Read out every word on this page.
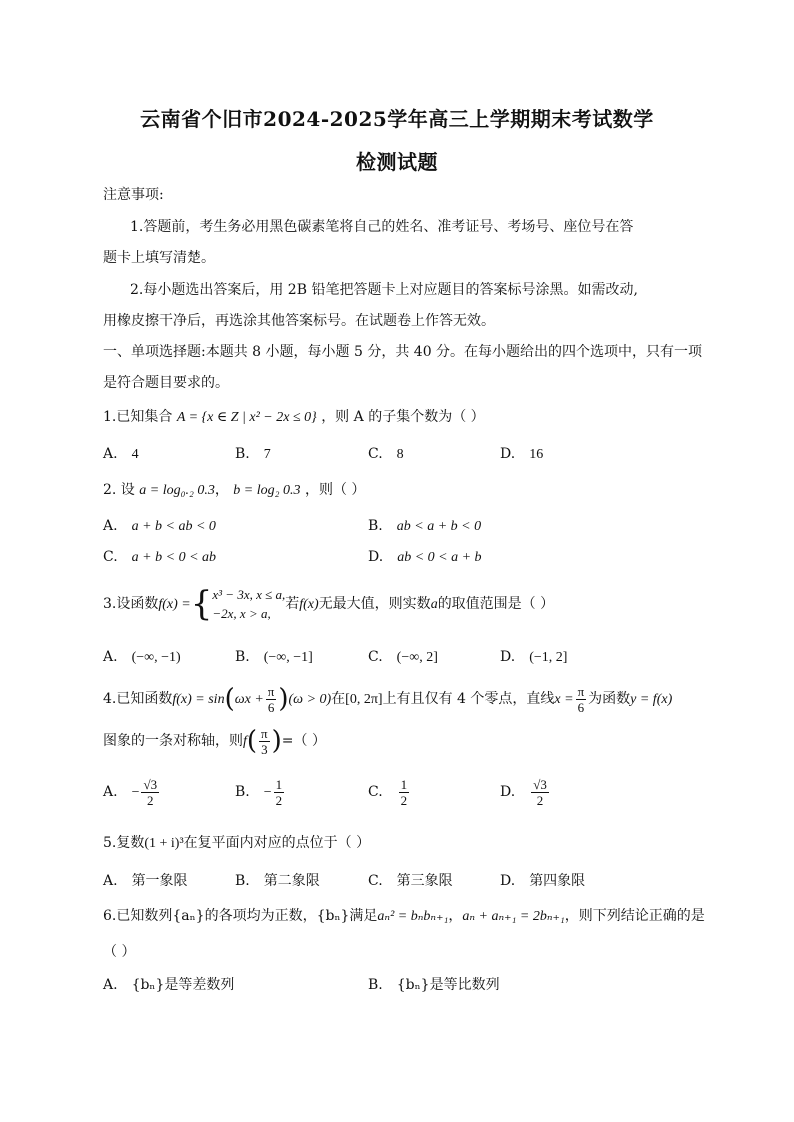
云南省个旧市2024-2025学年高三上学期期末考试数学
检测试题
注意事项:
1.答题前，考生务必用黑色碳素笔将自己的姓名、准考证号、考场号、座位号在答
题卡上填写清楚。
2.每小题选出答案后，用 2B 铅笔把答题卡上对应题目的答案标号涂黑。如需改动,
用橡皮擦干净后，再选涂其他答案标号。在试题卷上作答无效。
一、单项选择题:本题共 8 小题，每小题 5 分，共 40 分。在每小题给出的四个选项中，只有一项
是符合题目要求的。
1.已知集合 A = {x ∈ Z | x² − 2x ≤ 0} ，则 A 的子集个数为（ ）
A. 4	B. 7	C. 8	D. 16
2. 设 a = log₀.₂ 0.3， b = log₂ 0.3 ，则（ ）
A. a + b < ab < 0	B. ab < a + b < 0
C. a + b < 0 < ab	D. ab < 0 < a + b
3.设函数f(x) ={ x³ − 3x, x ≤ a,
−2x, x > a,
若f(x)无最大值，则实数a的取值范围是（ ）
A. (−∞, −1)	B. (−∞, −1]	C. (−∞, 2]	D. (−1, 2]
4.已知函数$f(x) = \sin(\omega x + \frac{\pi}{6} )(\omega > 0)$在[0, 2π]上有且仅有 4 个零点，直线$x = \frac{\pi}{6}$ 为函数y = f(x)
图象的一条对称轴，则$f( \frac{\pi}{3}$ )=（ ）
A. − $\frac{√3}{2}$	B. − $\frac{1}{2}$	C. $\frac{1}{2}$	D. $\frac{√3}{2}$
5.复数(1 + i)³在复平面内对应的点位于（ ）
A. 第一象限	B. 第二象限	C. 第三象限	D. 第四象限
6.已知数列{aₙ}的各项均为正数，{bₙ}满足aₙ² = bₙbₙ₊₁，aₙ + aₙ₊₁ = 2bₙ₊₁，则下列结论正确的是
（ ）
A. {bₙ}是等差数列	B. {bₙ}是等比数列
